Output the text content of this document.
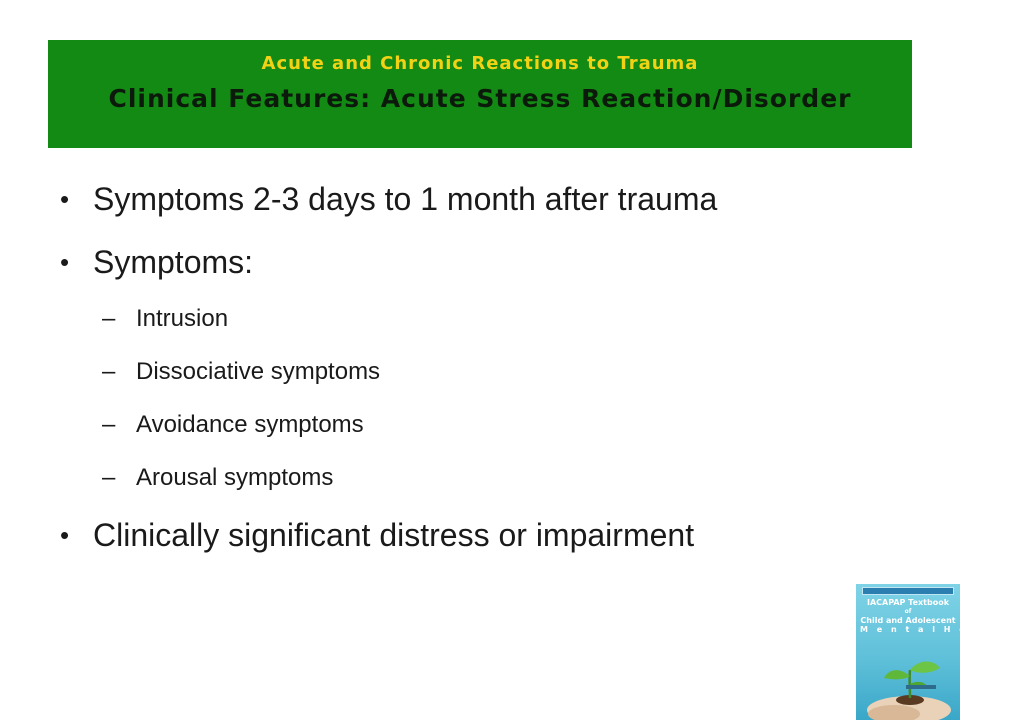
Acute and Chronic Reactions to Trauma
Clinical Features: Acute Stress Reaction/Disorder
• Symptoms 2-3 days to 1 month after trauma
• Symptoms:
– Intrusion
– Dissociative symptoms
– Avoidance symptoms
– Arousal symptoms
• Clinically significant distress or impairment
IACAPAP Textbook
of
Child and Adolescent
M e n t a l H e a l t h
